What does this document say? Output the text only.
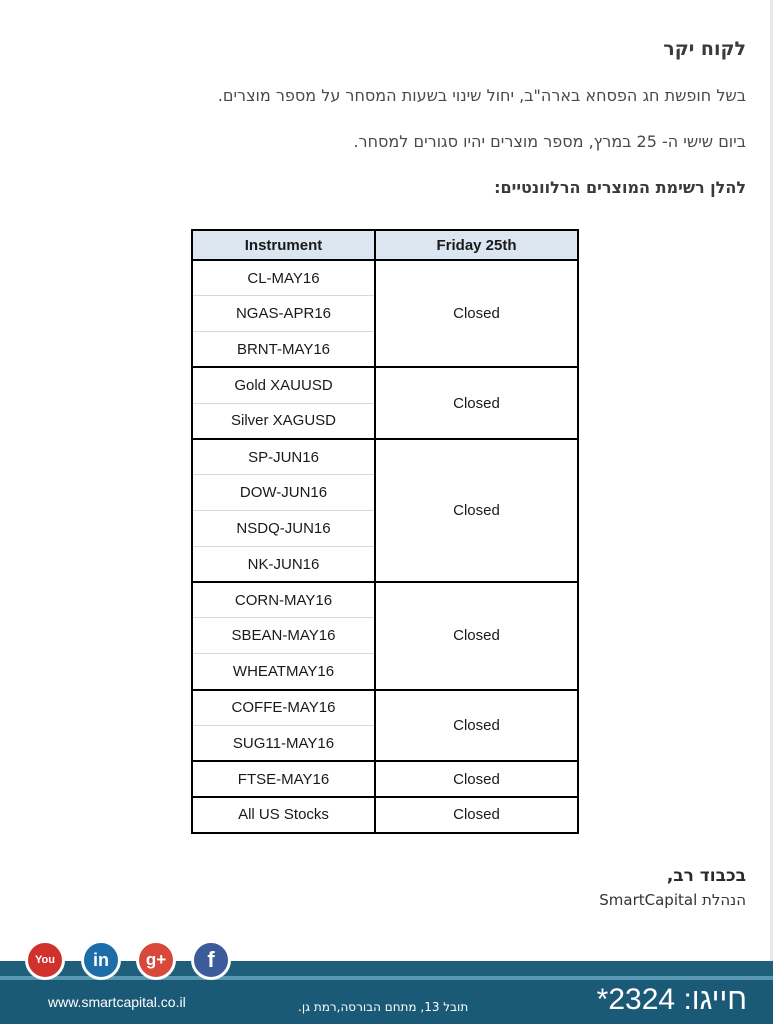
לקוח יקר
בשל חופשת חג הפסחא בארה"ב, יחול שינוי בשעות המסחר על מספר מוצרים.
ביום שישי ה- 25 במרץ, מספר מוצרים יהיו סגורים למסחר.
להלן רשימת המוצרים הרלוונטיים:
Instrument	Friday 25th
CL-MAY16	Closed
NGAS-APR16	
BRNT-MAY16	
Gold XAUUSD	Closed
Silver XAGUSD	
SP-JUN16	Closed
DOW-JUN16	
NSDQ-JUN16	
NK-JUN16	
CORN-MAY16	Closed
SBEAN-MAY16	
WHEATMAY16	
COFFE-MAY16	Closed
SUG11-MAY16	
FTSE-MAY16	Closed
All US Stocks	Closed
בכבוד רב,
הנהלת SmartCapital
You	in	g+	f
www.smartcapital.co.il	תובל 13, מתחם הבורסה,רמת גן.	חייגו: 2324*
